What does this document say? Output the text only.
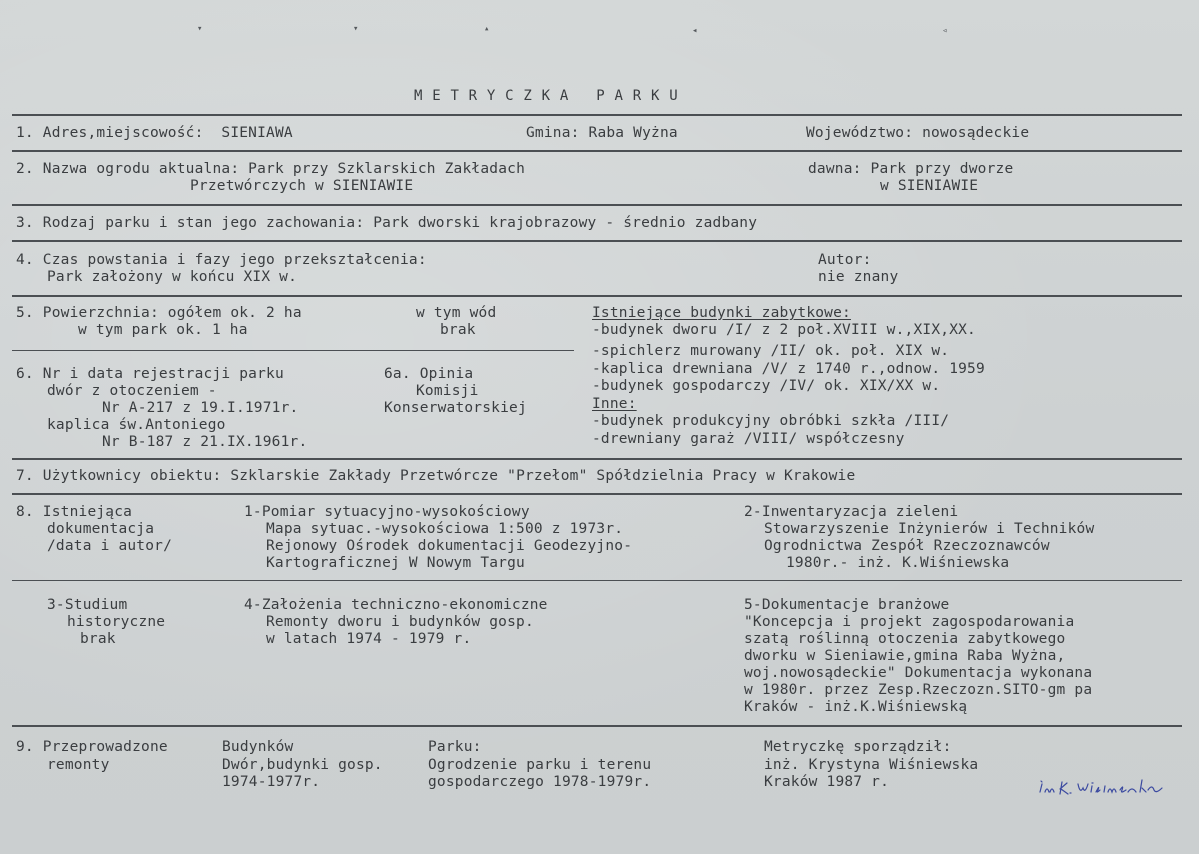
▾	▾	▴	◂	◃
METRYCZKA PARKU
1. Adres,miejscowość:  SIENIAWA	Gmina: Raba Wyżna	Województwo: nowosądeckie
2. Nazwa ogrodu aktualna: Park przy Szklarskich Zakładach
Przetwórczych w SIENIAWIE
dawna: Park przy dworze
w SIENIAWIE
3. Rodzaj parku i stan jego zachowania: Park dworski krajobrazowy - średnio zadbany
4. Czas powstania i fazy jego przekształcenia:
Park założony w końcu XIX w.
Autor:
nie znany
5. Powierzchnia: ogółem ok. 2 ha
w tym park ok. 1 ha
w tym wód
brak
Istniejące budynki zabytkowe:
-budynek dworu /I/ z 2 poł.XVIII w.,XIX,XX.
-spichlerz murowany /II/ ok. poł. XIX w.
-kaplica drewniana /V/ z 1740 r.,odnow. 1959
-budynek gospodarczy /IV/ ok. XIX/XX w.
Inne:
-budynek produkcyjny obróbki szkła /III/
-drewniany garaż /VIII/ współczesny
6. Nr i data rejestracji parku
dwór z otoczeniem -
Nr A-217 z 19.I.1971r.
kaplica św.Antoniego
Nr B-187 z 21.IX.1961r.
6a. Opinia
Komisji
Konserwatorskiej
7. Użytkownicy obiektu: Szklarskie Zakłady Przetwórcze "Przełom" Spółdzielnia Pracy w Krakowie
8. Istniejąca
dokumentacja
/data i autor/
1-Pomiar sytuacyjno-wysokościowy
Mapa sytuac.-wysokościowa 1:500 z 1973r.
Rejonowy Ośrodek dokumentacji Geodezyjno-
Kartograficznej W Nowym Targu
2-Inwentaryzacja zieleni
Stowarzyszenie Inżynierów i Techników
Ogrodnictwa Zespół Rzeczoznawców
1980r.- inż. K.Wiśniewska
3-Studium
historyczne
brak
4-Założenia techniczno-ekonomiczne
Remonty dworu i budynków gosp.
w latach 1974 - 1979 r.
5-Dokumentacje branżowe
"Koncepcja i projekt zagospodarowania
szatą roślinną otoczenia zabytkowego
dworku w Sieniawie,gmina Raba Wyżna,
woj.nowosądeckie" Dokumentacja wykonana
w 1980r. przez Zesp.Rzeczozn.SITO-gm pa
Kraków - inż.K.Wiśniewską
9. Przeprowadzone
remonty
Budynków
Dwór,budynki gosp.
1974-1977r.
Parku:
Ogrodzenie parku i terenu
gospodarczego 1978-1979r.
Metryczkę sporządził:
inż. Krystyna Wiśniewska
Kraków 1987 r.
